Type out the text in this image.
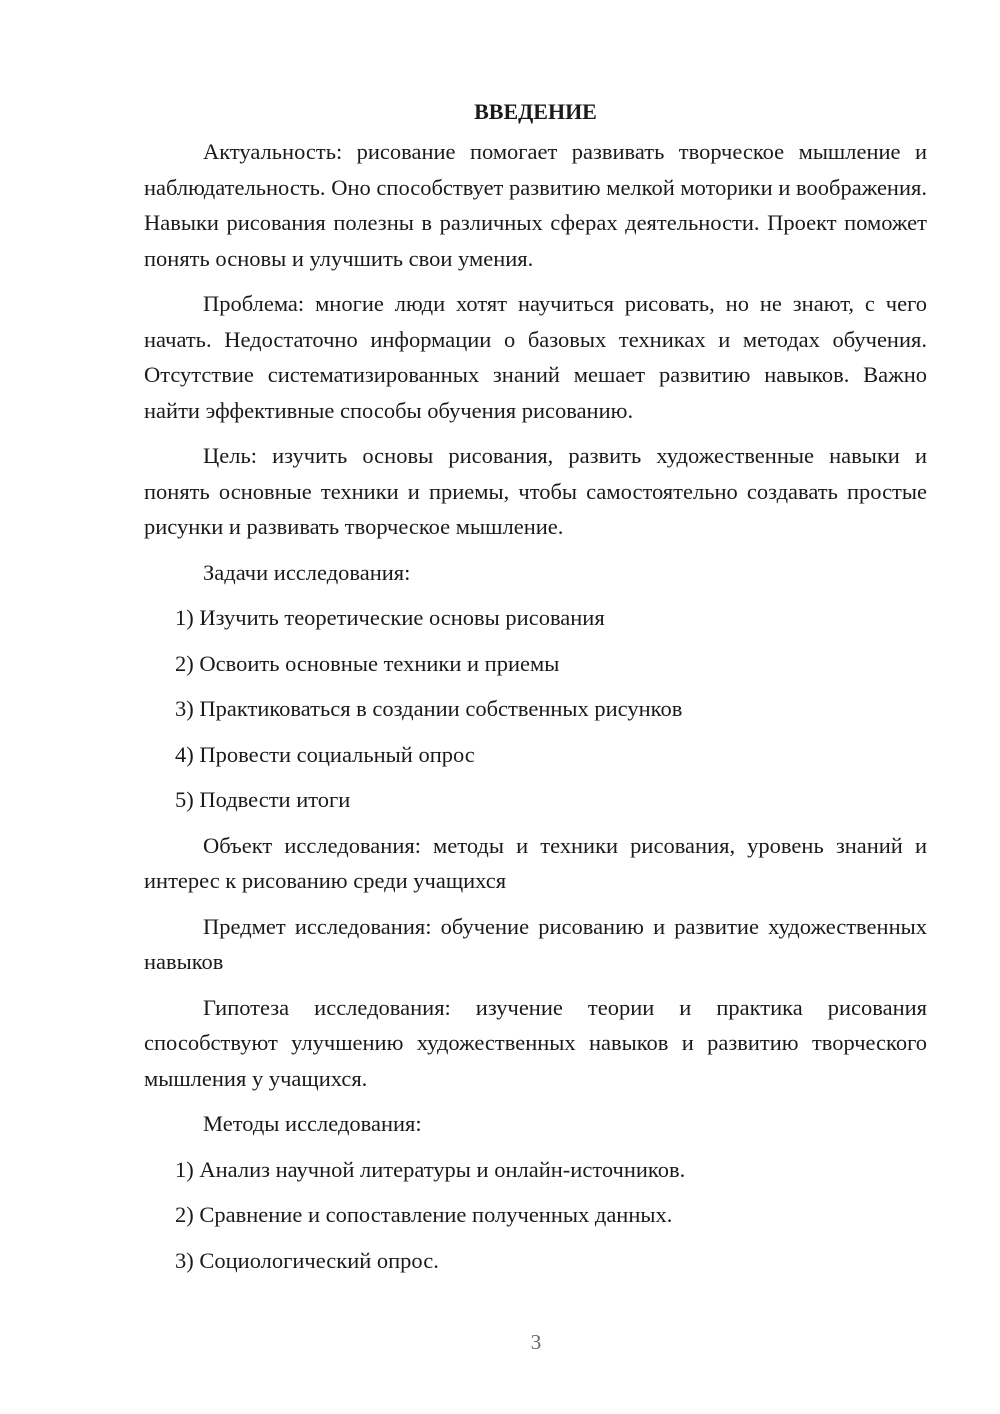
ВВЕДЕНИЕ

Актуальность: рисование помогает развивать творческое мышление и наблюдательность. Оно способствует развитию мелкой моторики и воображения. Навыки рисования полезны в различных сферах деятельности. Проект поможет понять основы и улучшить свои умения.

Проблема: многие люди хотят научиться рисовать, но не знают, с чего начать. Недостаточно информации о базовых техниках и методах обучения. Отсутствие систематизированных знаний мешает развитию навыков. Важно найти эффективные способы обучения рисованию.

Цель: изучить основы рисования, развить художественные навыки и понять основные техники и приемы, чтобы самостоятельно создавать простые рисунки и развивать творческое мышление.

Задачи исследования:

1) Изучить теоретические основы рисования

2) Освоить основные техники и приемы

3) Практиковаться в создании собственных рисунков

4) Провести социальный опрос

5) Подвести итоги

Объект исследования: методы и техники рисования, уровень знаний и интерес к рисованию среди учащихся

Предмет исследования: обучение рисованию и развитие художественных навыков

Гипотеза исследования: изучение теории и практика рисования способствуют улучшению художественных навыков и развитию творческого мышления у учащихся.

Методы исследования:

1) Анализ научной литературы и онлайн-источников.

2) Сравнение и сопоставление полученных данных.

3) Социологический опрос.

3
